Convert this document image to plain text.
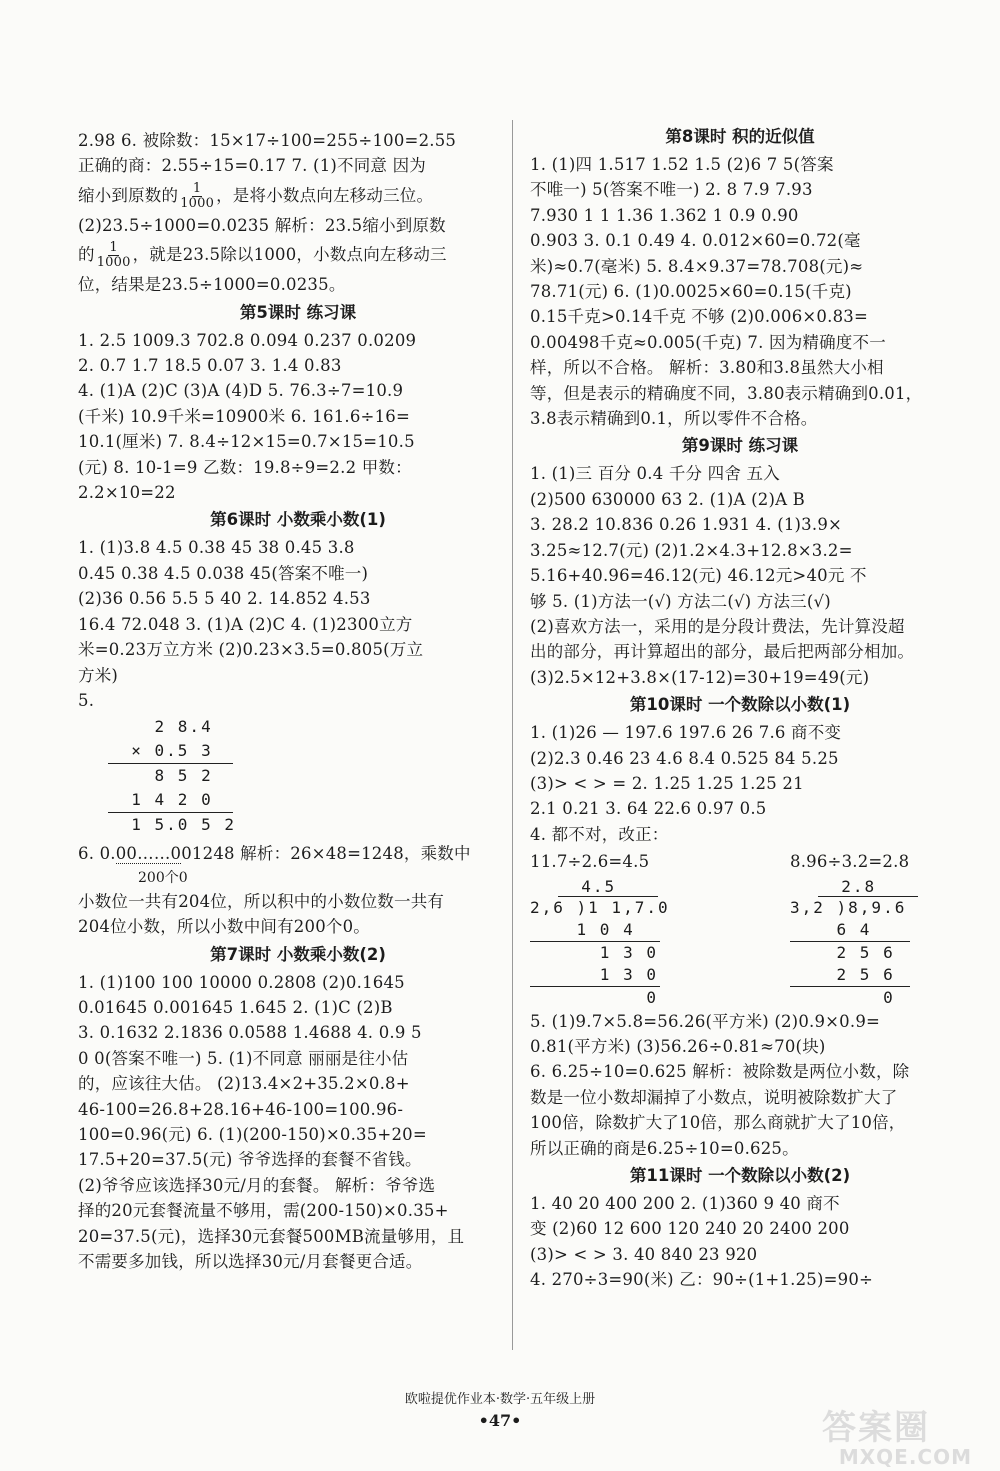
2.98 6. 被除数：15×17÷100=255÷100=2.55
正确的商：2.55÷15=0.17 7. (1)不同意 因为
缩小到原数的 $\frac{1}{1000}$ ，是将小数点向左移动三位。
(2)23.5÷1000=0.0235 解析：23.5缩小到原数
的 $\frac{1}{1000}$ ，就是23.5除以1000，小数点向左移动三
位，结果是23.5÷1000=0.0235。
第5课时 练习课
1. 2.5 1009.3 702.8 0.094 0.237 0.0209
2. 0.7 1.7 18.5 0.07 3. 1.4 0.83
4. (1)A (2)C (3)A (4)D 5. 76.3÷7=10.9
(千米) 10.9千米=10900米 6. 161.6÷16=
10.1(厘米) 7. 8.4÷12×15=0.7×15=10.5
(元) 8. 10-1=9 乙数：19.8÷9=2.2 甲数：
2.2×10=22
第6课时 小数乘小数(1)
1. (1)3.8 4.5 0.38 45 38 0.45 3.8
0.45 0.38 4.5 0.038 45(答案不唯一)
(2)36 0.56 5.5 5 40 2. 14.852 4.53
16.4 72.048 3. (1)A (2)C 4. (1)2300立方
米=0.23万立方米 (2)0.23×3.5=0.805(万立
方米)
5.
2 8.4
× 0.5 3
8 5 2
1 4 2 0
1 5.0 5 2
6. 0.00……001248 解析：26×48=1248，乘数中
200个0
小数位一共有204位，所以积中的小数位数一共有
204位小数，所以小数中间有200个0。
第7课时 小数乘小数(2)
1. (1)100 100 10000 0.2808 (2)0.1645
0.01645 0.001645 1.645 2. (1)C (2)B
3. 0.1632 2.1836 0.0588 1.4688 4. 0.9 5
0 0(答案不唯一) 5. (1)不同意 丽丽是往小估
的，应该往大估。 (2)13.4×2+35.2×0.8+
46-100=26.8+28.16+46-100=100.96-
100=0.96(元) 6. (1)(200-150)×0.35+20=
17.5+20=37.5(元) 爷爷选择的套餐不省钱。
(2)爷爷应该选择30元/月的套餐。 解析：爷爷选
择的20元套餐流量不够用，需(200-150)×0.35+
20=37.5(元)，选择30元套餐500MB流量够用，且
不需要多加钱，所以选择30元/月套餐更合适。
第8课时 积的近似值
1. (1)四 1.517 1.52 1.5 (2)6 7 5(答案
不唯一) 5(答案不唯一) 2. 8 7.9 7.93
7.930 1 1 1.36 1.362 1 0.9 0.90
0.903 3. 0.1 0.49 4. 0.012×60=0.72(毫
米)≈0.7(毫米) 5. 8.4×9.37=78.708(元)≈
78.71(元) 6. (1)0.0025×60=0.15(千克)
0.15千克>0.14千克 不够 (2)0.006×0.83=
0.00498千克≈0.005(千克) 7. 因为精确度不一
样，所以不合格。 解析：3.80和3.8虽然大小相
等，但是表示的精确度不同，3.80表示精确到0.01，
3.8表示精确到0.1，所以零件不合格。
第9课时 练习课
1. (1)三 百分 0.4 千分 四舍 五入
(2)500 630000 63 2. (1)A (2)A B
3. 28.2 10.836 0.26 1.931 4. (1)3.9×
3.25≈12.7(元) (2)1.2×4.3+12.8×3.2=
5.16+40.96=46.12(元) 46.12元>40元 不
够 5. (1)方法一(√) 方法二(√) 方法三(√)
(2)喜欢方法一，采用的是分段计费法，先计算没超
出的部分，再计算超出的部分，最后把两部分相加。
(3)2.5×12+3.8×(17-12)=30+19=49(元)
第10课时 一个数除以小数(1)
1. (1)26 — 197.6 197.6 26 7.6 商不变
(2)2.3 0.46 23 4.6 8.4 0.525 84 5.25
(3)> < > = 2. 1.25 1.25 1.25 21
2.1 0.21 3. 64 22.6 0.97 0.5
4. 都不对，改正：
11.7÷2.6=4.5	8.96÷3.2=2.8
4.5
2,6 )1 1,7.0
1 0 4
1 3 0
1 3 0
0
2.8
3,2 )8,9.6
6 4
2 5 6
2 5 6
0
5. (1)9.7×5.8=56.26(平方米) (2)0.9×0.9=
0.81(平方米) (3)56.26÷0.81≈70(块)
6. 6.25÷10=0.625 解析：被除数是两位小数，除
数是一位小数却漏掉了小数点，说明被除数扩大了
100倍，除数扩大了10倍，那么商就扩大了10倍，
所以正确的商是6.25÷10=0.625。
第11课时 一个数除以小数(2)
1. 40 20 400 200 2. (1)360 9 40 商不
变 (2)60 12 600 120 240 20 2400 200
(3)> < > 3. 40 840 23 920
4. 270÷3=90(米) 乙：90÷(1+1.25)=90÷
欧啦提优作业本·数学·五年级上册
•47•	答案圈
MXQE.COM
